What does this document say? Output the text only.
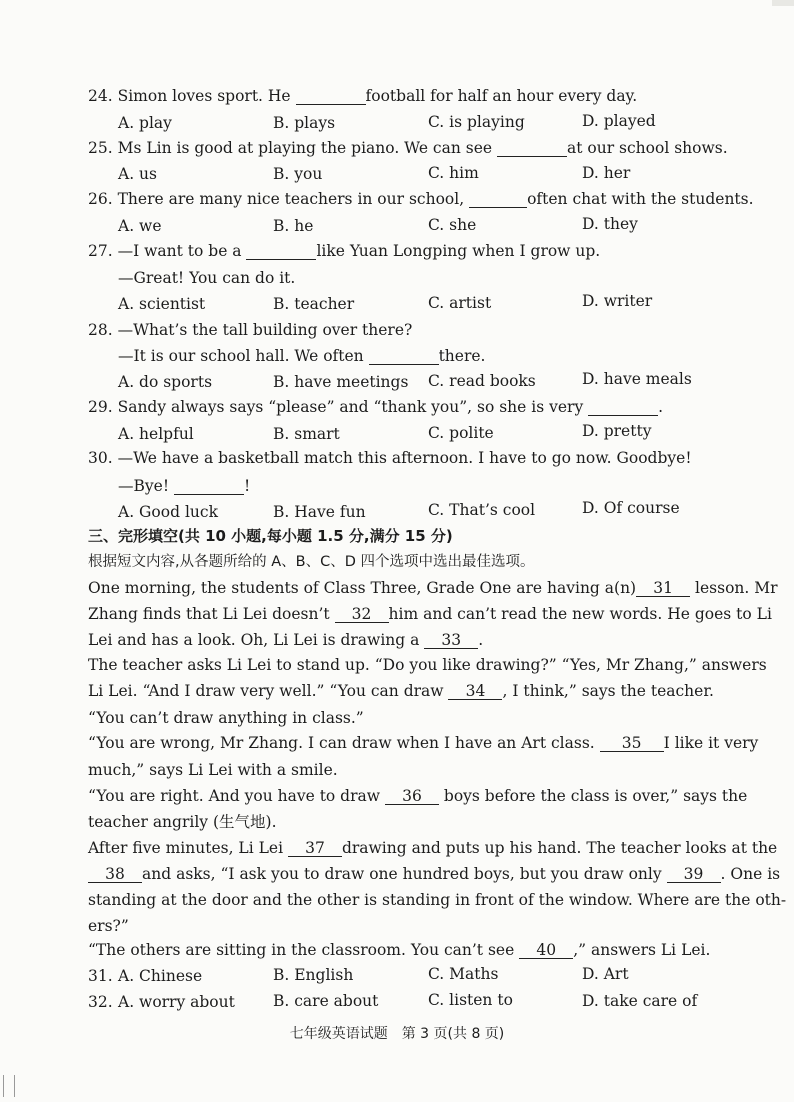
24. Simon loves sport. He	football for half an hour every day.
A. play	B. plays	C. is playing	D. played
25. Ms Lin is good at playing the piano. We can see	at our school shows.
A. us	B. you	C. him	D. her
26. There are many nice teachers in our school,	often chat with the students.
A. we	B. he	C. she	D. they
27. —I want to be a	like Yuan Longping when I grow up.
—Great! You can do it.
A. scientist	B. teacher	C. artist	D. writer
28. —What’s the tall building over there?
—It is our school hall. We often	there.
A. do sports	B. have meetings C. read books	D. have meals
29. Sandy always says “please” and “thank you”, so she is very	.
A. helpful	B. smart	C. polite	D. pretty
30. —We have a basketball match this afternoon. I have to go now. Goodbye!
—Bye!	!
A. Good luck	B. Have fun	C. That’s cool	D. Of course
三、完形填空(共 10 小题,每小题 1.5 分,满分 15 分)
根据短文内容,从各题所给的 A、B、C、D 四个选项中选出最佳选项。
One morning, the students of Class Three, Grade One are having a(n) 31 lesson. Mr
Zhang finds that Li Lei doesn’t 32 him and can’t read the new words. He goes to Li
Lei and has a look. Oh, Li Lei is drawing a 33 .
The teacher asks Li Lei to stand up. “Do you like drawing?” “Yes, Mr Zhang,” answers
Li Lei. “And I draw very well.” “You can draw 34 , I think,” says the teacher.
“You can’t draw anything in class.”
“You are wrong, Mr Zhang. I can draw when I have an Art class. 35 I like it very
much,” says Li Lei with a smile.
“You are right. And you have to draw 36 boys before the class is over,” says the
teacher angrily (生气地).
After five minutes, Li Lei 37 drawing and puts up his hand. The teacher looks at the
38 and asks, “I ask you to draw one hundred boys, but you draw only 39 . One is
standing at the door and the other is standing in front of the window. Where are the oth-
ers?”
“The others are sitting in the classroom. You can’t see 40 ,” answers Li Lei.
31. A. Chinese	B. English	C. Maths	D. Art
32. A. worry about B. care about	C. listen to	D. take care of
七年级英语试题　第 3 页(共 8 页)
